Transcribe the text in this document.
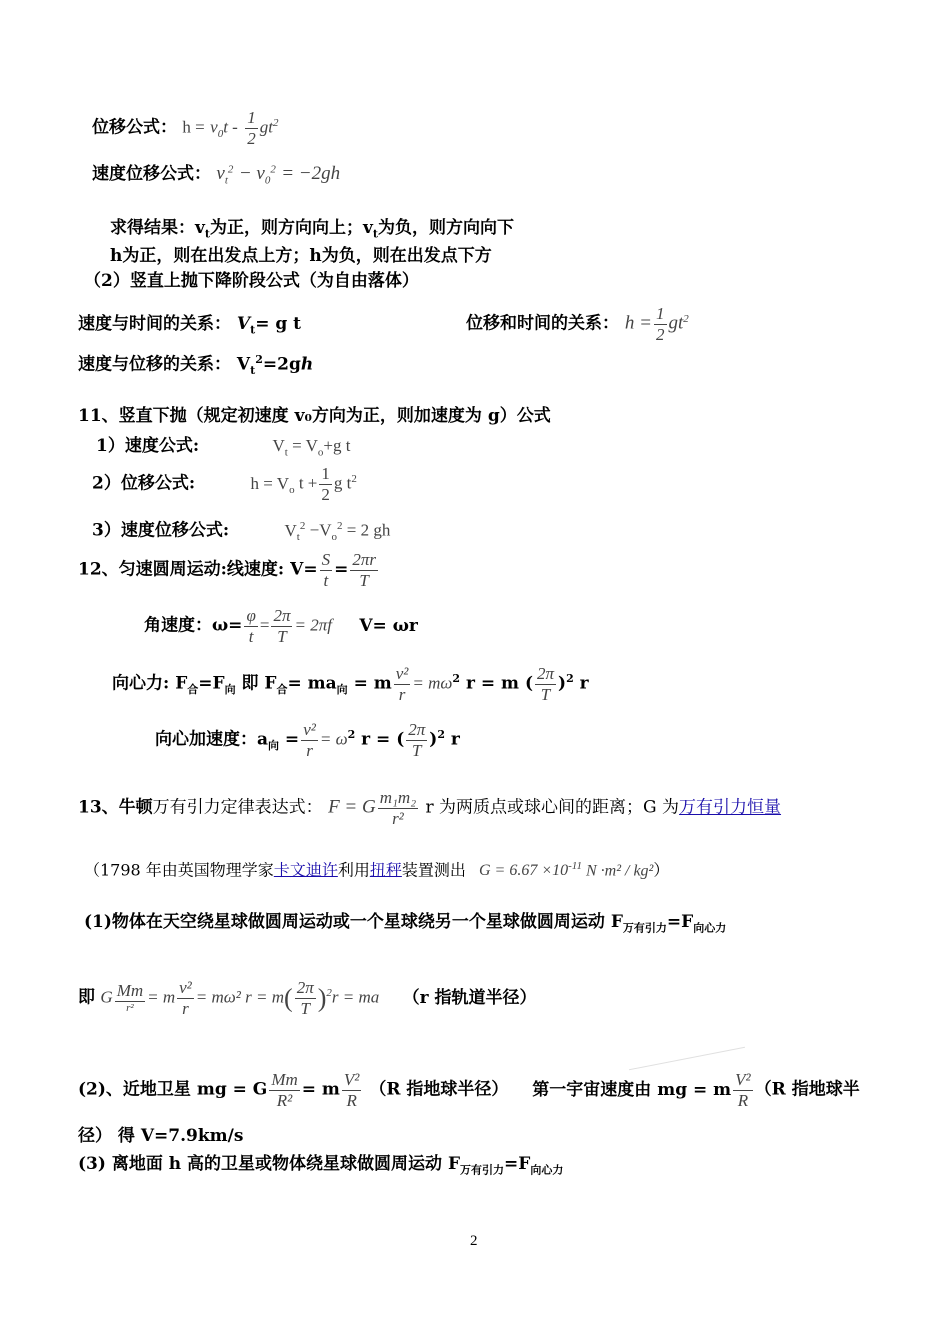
位移公式： $h = v_0t - \frac{1}{2} gt^2$
速度位移公式： $v_t^2 - v_0^2 = -2gh$
求得结果：$v_t$为正，则方向向上；$v_t$为负，则方向向下
h为正，则在出发点上方；h为负，则在出发点下方
（2）竖直上抛下降阶段公式（为自由落体）
速度与时间的关系： $V_t= g$ t	位移和时间的关系： $h = \frac{1}{2} gt^2$
速度与位移的关系： $V_t^2=2gh$
11、竖直下抛（规定初速度 v₀方向为正，则加速度为 g）公式
1）速度公式:	$V_t = V_o+g$ t
2）位移公式:	$h = V_o$ $t + \frac{1}{2}$ g $t^2$
3）速度位移公式:	$V_t^2 -V_o^2 = 2$ gh
12、匀速圆周运动:线速度: $V= \frac{S}{t} = \frac{2\pi r}{T}$
角速度：$\omega= \frac{\varphi}{t} = \frac{2\pi}{T} = 2\pi f$ V= ωr
向心力: $F_合=F_向$ 即 $F_合= ma_向 = m \frac{\text{v²}}{r} = m\omega^2$ r = m ( $\frac{2\pi}{T} )^2$ r
向心加速度：$a_向 = \frac{\text{v²}}{r} = \omega^2$ r = ( $\frac{2\pi}{T} )^2$ r
13、牛顿万有引力定律表达式： F = G $\frac{\text{m₁m₂}}{\text{r²}}$ r 为两质点或球心间的距离；G 为万有引力恒量
（1798 年由英国物理学家卡文迪许利用扭秤装置测出 $G = 6.67 \times 10^{-11}$ N ·m² / kg²）
(1)物体在天空绕星球做圆周运动或一个星球绕另一个星球做圆周运动 $F_{万有引力}=F_{向心力}$
即 G $\frac{Mm}{\text{r²}} = m \frac{\text{v²}}{r} = m\omega^2$ $r = m( \frac{2\pi}{T} )^2r$ = ma （r 指轨道半径）
(2)、近地卫星 mg = G $\frac{Mm}{\text{R²}} = m \frac{\text{V²}}{R} (R$ 指地球半径） 第一宇宙速度由 mg = m $\frac{\text{V²}}{R} (R$ 指地球半
径） 得 V=7.9km/s
(3) 离地面 h 高的卫星或物体绕星球做圆周运动 $F_{万有引力}=F_{向心力}$
2
